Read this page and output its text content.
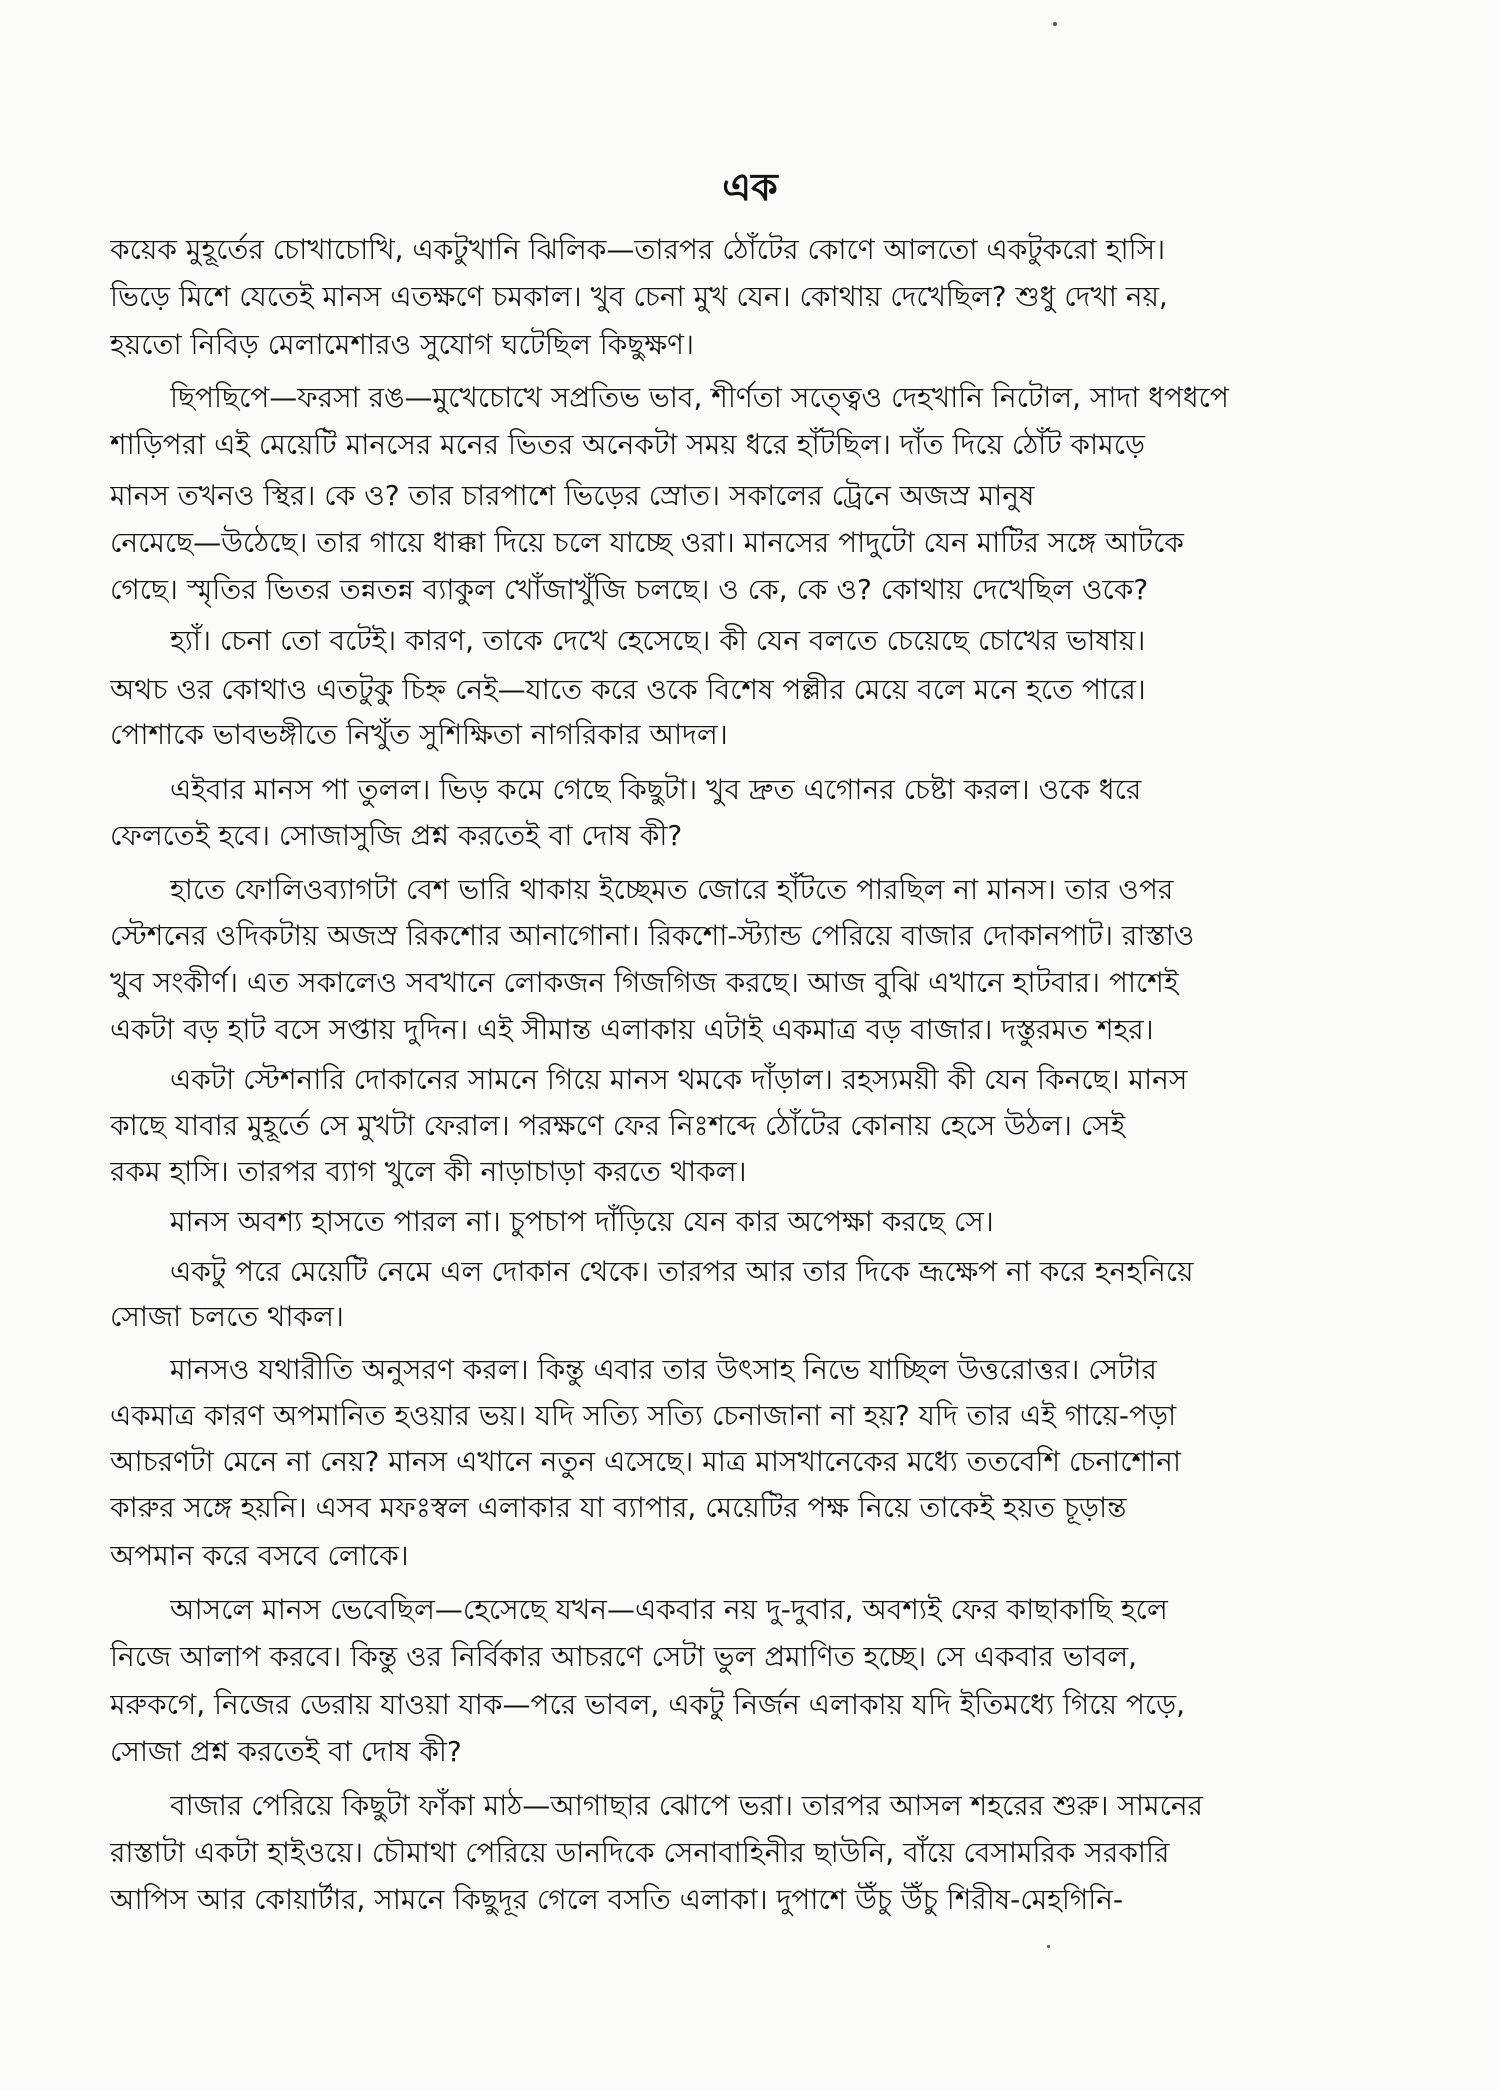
এক
কয়েক মুহূর্তের চোখাচোখি, একটুখানি ঝিলিক—তারপর ঠোঁটের কোণে আলতো একটুকরো হাসি।
ভিড়ে মিশে যেতেই মানস এতক্ষণে চমকাল। খুব চেনা মুখ যেন। কোথায় দেখেছিল? শুধু দেখা নয়,
হয়তো নিবিড় মেলামেশারও সুযোগ ঘটেছিল কিছুক্ষণ।
ছিপছিপে—ফরসা রঙ—মুখেচোখে সপ্রতিভ ভাব, শীর্ণতা সত্ত্বেও দেহখানি নিটোল, সাদা ধপধপে
শাড়িপরা এই মেয়েটি মানসের মনের ভিতর অনেকটা সময় ধরে হাঁটছিল। দাঁত দিয়ে ঠোঁট কামড়ে
মানস তখনও স্থির। কে ও? তার চারপাশে ভিড়ের স্রোত। সকালের ট্রেনে অজস্র মানুষ
নেমেছে—উঠেছে। তার গায়ে ধাক্কা দিয়ে চলে যাচ্ছে ওরা। মানসের পাদুটো যেন মাটির সঙ্গে আটকে
গেছে। স্মৃতির ভিতর তন্নতন্ন ব্যাকুল খোঁজাখুঁজি চলছে। ও কে, কে ও? কোথায় দেখেছিল ওকে?
হ্যাঁ। চেনা তো বটেই। কারণ, তাকে দেখে হেসেছে। কী যেন বলতে চেয়েছে চোখের ভাষায়।
অথচ ওর কোথাও এতটুকু চিহ্ন নেই—যাতে করে ওকে বিশেষ পল্লীর মেয়ে বলে মনে হতে পারে।
পোশাকে ভাবভঙ্গীতে নিখুঁত সুশিক্ষিতা নাগরিকার আদল।
এইবার মানস পা তুলল। ভিড় কমে গেছে কিছুটা। খুব দ্রুত এগোনর চেষ্টা করল। ওকে ধরে
ফেলতেই হবে। সোজাসুজি প্রশ্ন করতেই বা দোষ কী?
হাতে ফোলিওব্যাগটা বেশ ভারি থাকায় ইচ্ছেমত জোরে হাঁটতে পারছিল না মানস। তার ওপর
স্টেশনের ওদিকটায় অজস্র রিকশোর আনাগোনা। রিকশো-স্ট্যান্ড পেরিয়ে বাজার দোকানপাট। রাস্তাও
খুব সংকীর্ণ। এত সকালেও সবখানে লোকজন গিজগিজ করছে। আজ বুঝি এখানে হাটবার। পাশেই
একটা বড় হাট বসে সপ্তায় দুদিন। এই সীমান্ত এলাকায় এটাই একমাত্র বড় বাজার। দস্তুরমত শহর।
একটা স্টেশনারি দোকানের সামনে গিয়ে মানস থমকে দাঁড়াল। রহস্যময়ী কী যেন কিনছে। মানস
কাছে যাবার মুহূর্তে সে মুখটা ফেরাল। পরক্ষণে ফের নিঃশব্দে ঠোঁটের কোনায় হেসে উঠল। সেই
রকম হাসি। তারপর ব্যাগ খুলে কী নাড়াচাড়া করতে থাকল।
মানস অবশ্য হাসতে পারল না। চুপচাপ দাঁড়িয়ে যেন কার অপেক্ষা করছে সে।
একটু পরে মেয়েটি নেমে এল দোকান থেকে। তারপর আর তার দিকে ভ্রূক্ষেপ না করে হনহনিয়ে
সোজা চলতে থাকল।
মানসও যথারীতি অনুসরণ করল। কিন্তু এবার তার উৎসাহ নিভে যাচ্ছিল উত্তরোত্তর। সেটার
একমাত্র কারণ অপমানিত হওয়ার ভয়। যদি সত্যি সত্যি চেনাজানা না হয়? যদি তার এই গায়ে-পড়া
আচরণটা মেনে না নেয়? মানস এখানে নতুন এসেছে। মাত্র মাসখানেকের মধ্যে ততবেশি চেনাশোনা
কারুর সঙ্গে হয়নি। এসব মফঃস্বল এলাকার যা ব্যাপার, মেয়েটির পক্ষ নিয়ে তাকেই হয়ত চূড়ান্ত
অপমান করে বসবে লোকে।
আসলে মানস ভেবেছিল—হেসেছে যখন—একবার নয় দু-দুবার, অবশ্যই ফের কাছাকাছি হলে
নিজে আলাপ করবে। কিন্তু ওর নির্বিকার আচরণে সেটা ভুল প্রমাণিত হচ্ছে। সে একবার ভাবল,
মরুকগে, নিজের ডেরায় যাওয়া যাক—পরে ভাবল, একটু নির্জন এলাকায় যদি ইতিমধ্যে গিয়ে পড়ে,
সোজা প্রশ্ন করতেই বা দোষ কী?
বাজার পেরিয়ে কিছুটা ফাঁকা মাঠ—আগাছার ঝোপে ভরা। তারপর আসল শহরের শুরু। সামনের
রাস্তাটা একটা হাইওয়ে। চৌমাথা পেরিয়ে ডানদিকে সেনাবাহিনীর ছাউনি, বাঁয়ে বেসামরিক সরকারি
আপিস আর কোয়ার্টার, সামনে কিছুদূর গেলে বসতি এলাকা। দুপাশে উঁচু উঁচু শিরীষ-মেহগিনি-
